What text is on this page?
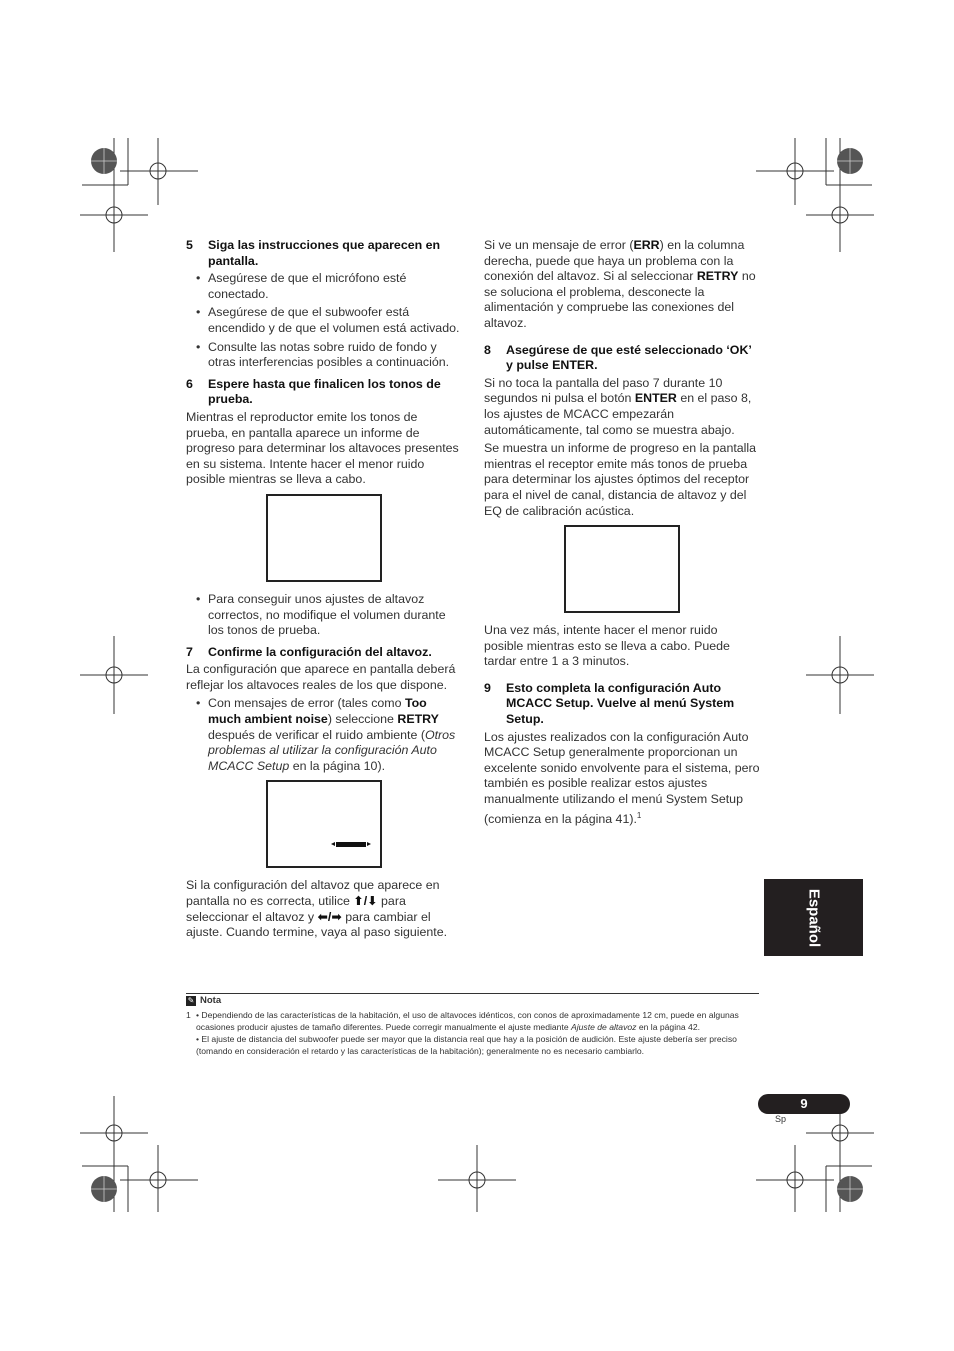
5 Siga las instrucciones que aparecen en pantalla.
• Asegúrese de que el micrófono esté conectado.
• Asegúrese de que el subwoofer está encendido y de que el volumen está activado.
• Consulte las notas sobre ruido de fondo y otras interferencias posibles a continuación.
6 Espere hasta que finalicen los tonos de prueba.

Mientras el reproductor emite los tonos de prueba, en pantalla aparece un informe de progreso para determinar los altavoces presentes en su sistema. Intente hacer el menor ruido posible mientras se lleva a cabo.

• Para conseguir unos ajustes de altavoz correctos, no modifique el volumen durante los tonos de prueba.
7 Confirme la configuración del altavoz.

La configuración que aparece en pantalla deberá reflejar los altavoces reales de los que dispone.

• Con mensajes de error (tales como Too much ambient noise) seleccione RETRY después de verificar el ruido ambiente (Otros problemas al utilizar la configuración Auto MCACC Setup en la página 10).

Si la configuración del altavoz que aparece en pantalla no es correcta, utilice ⬆/⬇ para seleccionar el altavoz y ⬅/➡ para cambiar el ajuste. Cuando termine, vaya al paso siguiente.

Si ve un mensaje de error (ERR) en la columna derecha, puede que haya un problema con la conexión del altavoz. Si al seleccionar RETRY no se soluciona el problema, desconecte la alimentación y compruebe las conexiones del altavoz.

8 Asegúrese de que esté seleccionado ‘OK’ y pulse ENTER.

Si no toca la pantalla del paso 7 durante 10 segundos ni pulsa el botón ENTER en el paso 8, los ajustes de MCACC empezarán automáticamente, tal como se muestra abajo.

Se muestra un informe de progreso en la pantalla mientras el receptor emite más tonos de prueba para determinar los ajustes óptimos del receptor para el nivel de canal, distancia de altavoz y del EQ de calibración acústica.

Una vez más, intente hacer el menor ruido posible mientras esto se lleva a cabo. Puede tardar entre 1 a 3 minutos.

9 Esto completa la configuración Auto MCACC Setup. Vuelve al menú System Setup.

Los ajustes realizados con la configuración Auto MCACC Setup generalmente proporcionan un excelente sonido envolvente para el sistema, pero también es posible realizar estos ajustes manualmente utilizando el menú System Setup (comienza en la página 41).$^1$

Español
✎ Nota
1 • Dependiendo de las características de la habitación, el uso de altavoces idénticos, con conos de aproximadamente 12 cm, puede en algunas ocasiones producir ajustes de tamaño diferentes. Puede corregir manualmente el ajuste mediante Ajuste de altavoz en la página 42.
• El ajuste de distancia del subwoofer puede ser mayor que la distancia real que hay a la posición de audición. Este ajuste debería ser preciso (tomando en consideración el retardo y las características de la habitación); generalmente no es necesario cambiarlo.
9
Sp
